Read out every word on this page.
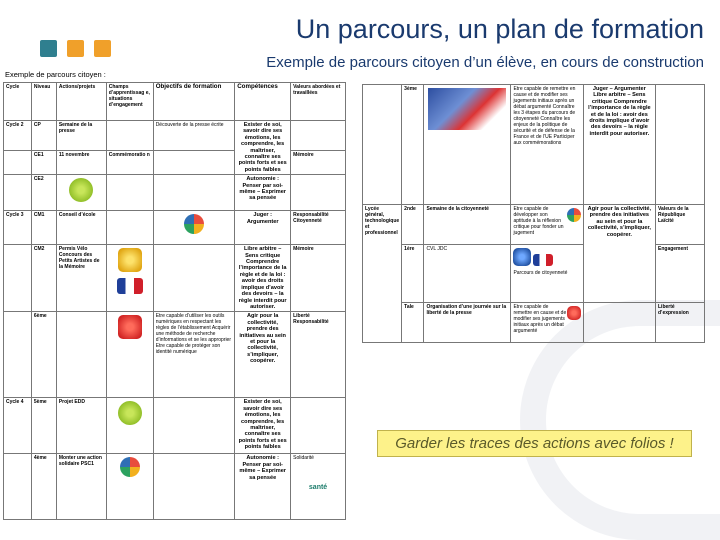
Un parcours, un plan de formation
Exemple de parcours citoyen d’un élève, en cours de construction
Exemple de parcours citoyen :
Cycle	Niveau	Actions/projets	Champs d’apprentissag e, situations d’engagement	Objectifs de formation	Compétences	Valeurs abordées et travaillées
Cycle 2	CP	Semaine de la presse		Découverte de la presse écrite	Exister de soi, savoir dire ses émotions, les comprendre, les maîtriser, connaître ses points forts et ses points faibles	
	CE1	11 novembre	Commémoratio n			Mémoire
	CE2				Autonomie : Penser par soi-même – Exprimer sa pensée	
Cycle 3	CM1	Conseil d’école			Juger : Argumenter	Responsabilité Citoyenneté
	CM2	Permis Vélo Concours des Petits Artistes de la Mémoire			Libre arbitre – Sens critique Comprendre l’importance de la règle et de la loi : avoir des droits implique d’avoir des devoirs – la règle interdit pour autoriser.	Mémoire
	6ème			Etre capable d’utiliser les outils numériques en respectant les règles de l’établissement Acquérir une méthode de recherche d’informations et se les approprier Etre capable de protéger son identité numérique	Agir pour la collectivité, prendre des initiatives au sein et pour la collectivité, s’impliquer, coopérer.	Liberté Responsabilité
Cycle 4	5ème	Projet EDD			Exister de soi, savoir dire ses émotions, les comprendre, les maîtriser, connaître ses points forts et ses points faibles	
	4ème	Monter une action solidaire PSC1			Autonomie : Penser par soi-même – Exprimer sa pensée	Solidarité
santé
	3ème		Etre capable de remettre en cause et de modifier ses jugements initiaux après un débat argumenté Connaître les 3 étapes du parcours de citoyenneté Connaître les enjeux de la politique de sécurité et de défense de la France et de l’UE Participer aux commémorations	Juger – Argumenter Libre arbitre – Sens critique Comprendre l’importance de la règle et de la loi : avoir des droits implique d’avoir des devoirs – la règle interdit pour autoriser.	
Lycée général, technologique et professionnel	2nde	Semaine de la citoyenneté	Etre capable de développer son aptitude à la réflexion critique pour fonder un jugement	Agir pour la collectivité, prendre des initiatives au sein et pour la collectivité, s’impliquer, coopérer.	Valeurs de la République Laïcité
	1ère	CVL JDC	Parcours de citoyenneté		Engagement
	Tale	Organisation d’une journée sur la liberté de la presse	Etre capable de remettre en cause et de modifier ses jugements initiaux après un débat argumenté		Liberté d’expression
Garder les traces des actions avec folios !
